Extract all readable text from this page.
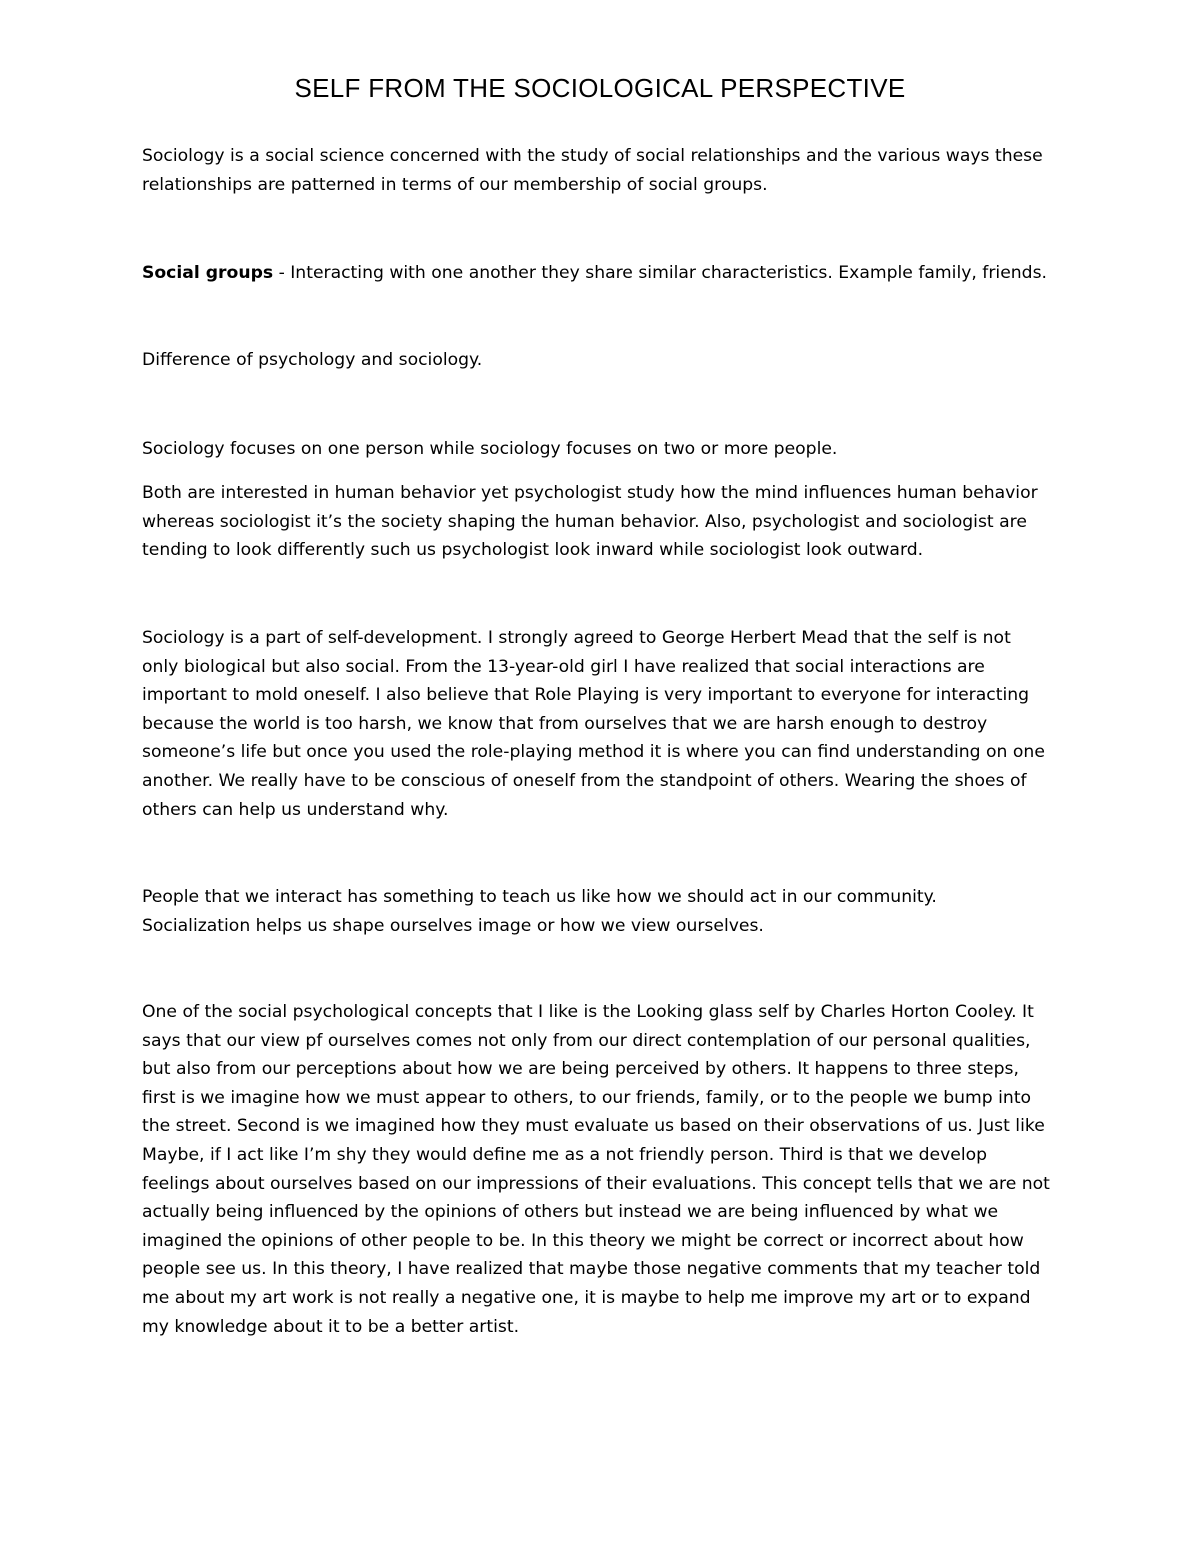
SELF FROM THE SOCIOLOGICAL PERSPECTIVE

Sociology is a social science concerned with the study of social relationships and the various ways these
relationships are patterned in terms of our membership of social groups.

Social groups - Interacting with one another they share similar characteristics. Example family, friends.

Difference of psychology and sociology.

Sociology focuses on one person while sociology focuses on two or more people.

Both are interested in human behavior yet psychologist study how the mind influences human behavior
whereas sociologist it’s the society shaping the human behavior. Also, psychologist and sociologist are
tending to look differently such us psychologist look inward while sociologist look outward.

Sociology is a part of self-development. I strongly agreed to George Herbert Mead that the self is not
only biological but also social. From the 13-year-old girl I have realized that social interactions are
important to mold oneself. I also believe that Role Playing is very important to everyone for interacting
because the world is too harsh, we know that from ourselves that we are harsh enough to destroy
someone’s life but once you used the role-playing method it is where you can find understanding on one
another. We really have to be conscious of oneself from the standpoint of others. Wearing the shoes of
others can help us understand why.

People that we interact has something to teach us like how we should act in our community.
Socialization helps us shape ourselves image or how we view ourselves.

One of the social psychological concepts that I like is the Looking glass self by Charles Horton Cooley. It
says that our view pf ourselves comes not only from our direct contemplation of our personal qualities,
but also from our perceptions about how we are being perceived by others. It happens to three steps,
first is we imagine how we must appear to others, to our friends, family, or to the people we bump into
the street. Second is we imagined how they must evaluate us based on their observations of us. Just like
Maybe, if I act like I’m shy they would define me as a not friendly person. Third is that we develop
feelings about ourselves based on our impressions of their evaluations. This concept tells that we are not
actually being influenced by the opinions of others but instead we are being influenced by what we
imagined the opinions of other people to be. In this theory we might be correct or incorrect about how
people see us. In this theory, I have realized that maybe those negative comments that my teacher told
me about my art work is not really a negative one, it is maybe to help me improve my art or to expand
my knowledge about it to be a better artist.
